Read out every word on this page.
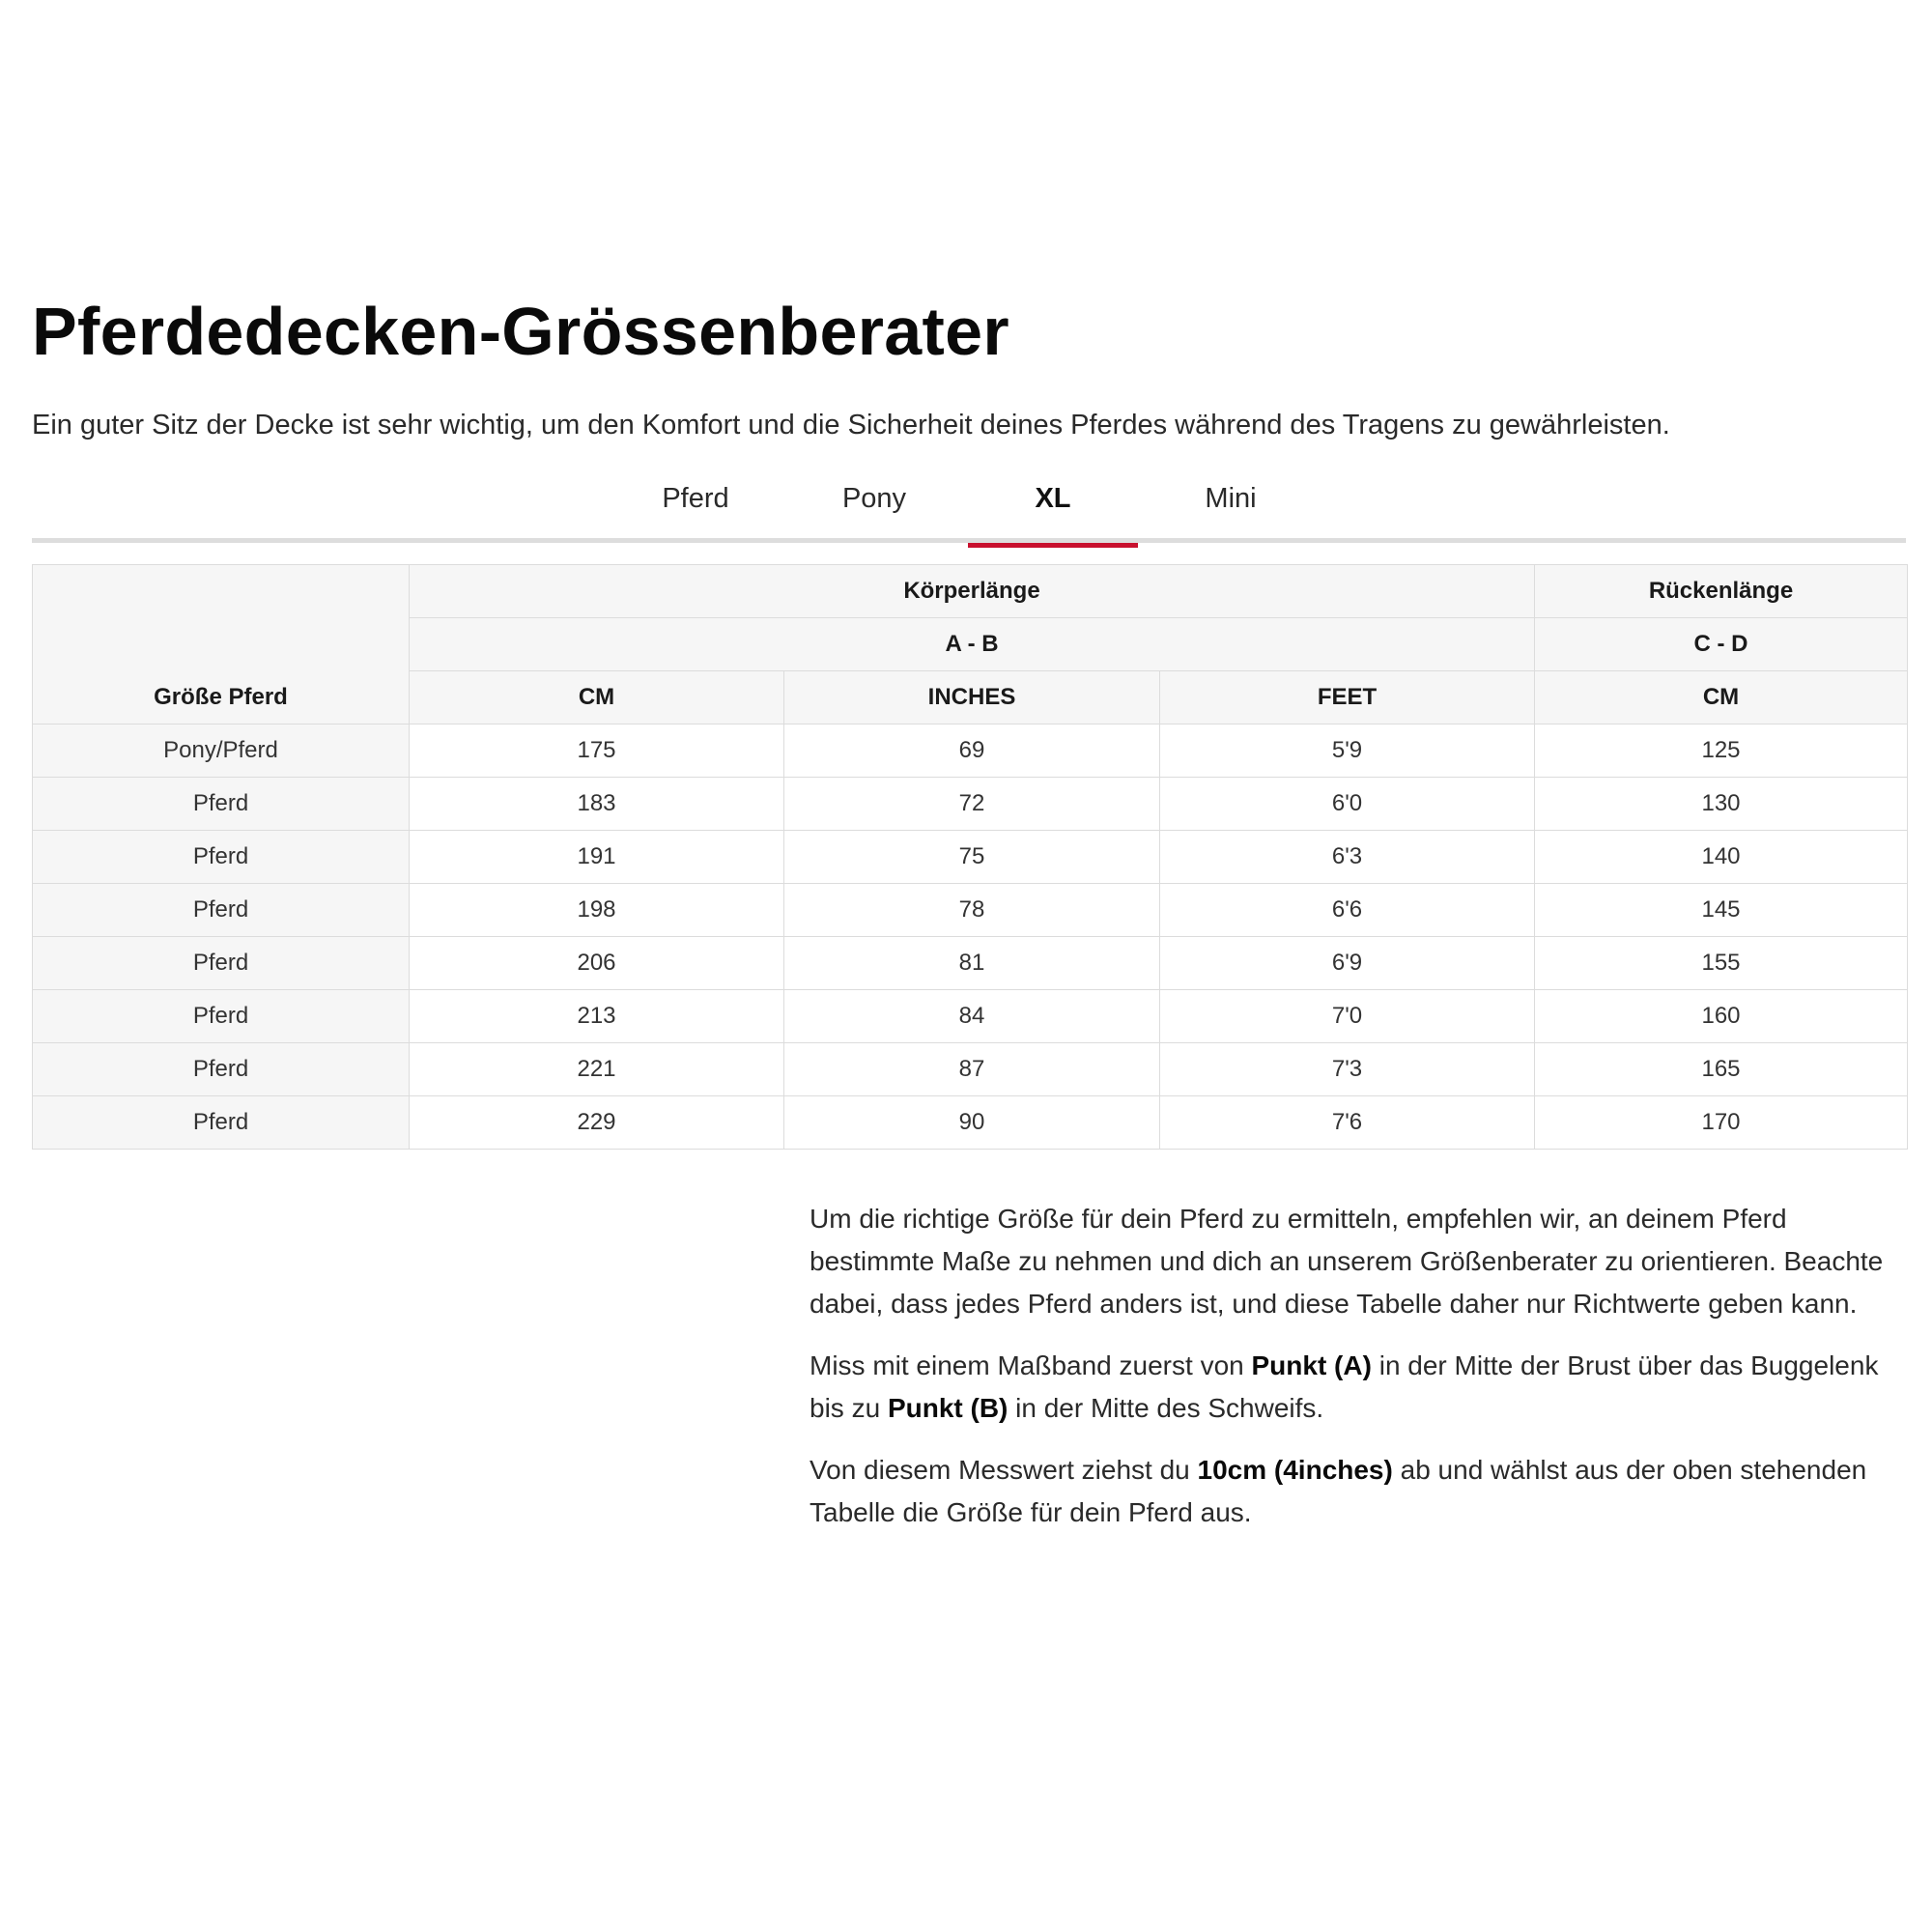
Pferdedecken-Grössenberater

Ein guter Sitz der Decke ist sehr wichtig, um den Komfort und die Sicherheit deines Pferdes während des Tragens zu gewährleisten.

Pferd	Pony	XL	Mini
Größe Pferd	Körperlänge			Rückenlänge
	A - B			C - D
	CM	INCHES	FEET	CM
Pony/Pferd	175	69	5'9	125
Pferd	183	72	6'0	130
Pferd	191	75	6'3	140
Pferd	198	78	6'6	145
Pferd	206	81	6'9	155
Pferd	213	84	7'0	160
Pferd	221	87	7'3	165
Pferd	229	90	7'6	170

Um die richtige Größe für dein Pferd zu ermitteln, empfehlen wir, an deinem Pferd bestimmte Maße zu nehmen und dich an unserem Größenberater zu orientieren. Beachte dabei, dass jedes Pferd anders ist, und diese Tabelle daher nur Richtwerte geben kann.

Miss mit einem Maßband zuerst von Punkt (A) in der Mitte der Brust über das Buggelenk bis zu Punkt (B) in der Mitte des Schweifs.

Von diesem Messwert ziehst du 10cm (4inches) ab und wählst aus der oben stehenden Tabelle die Größe für dein Pferd aus.
